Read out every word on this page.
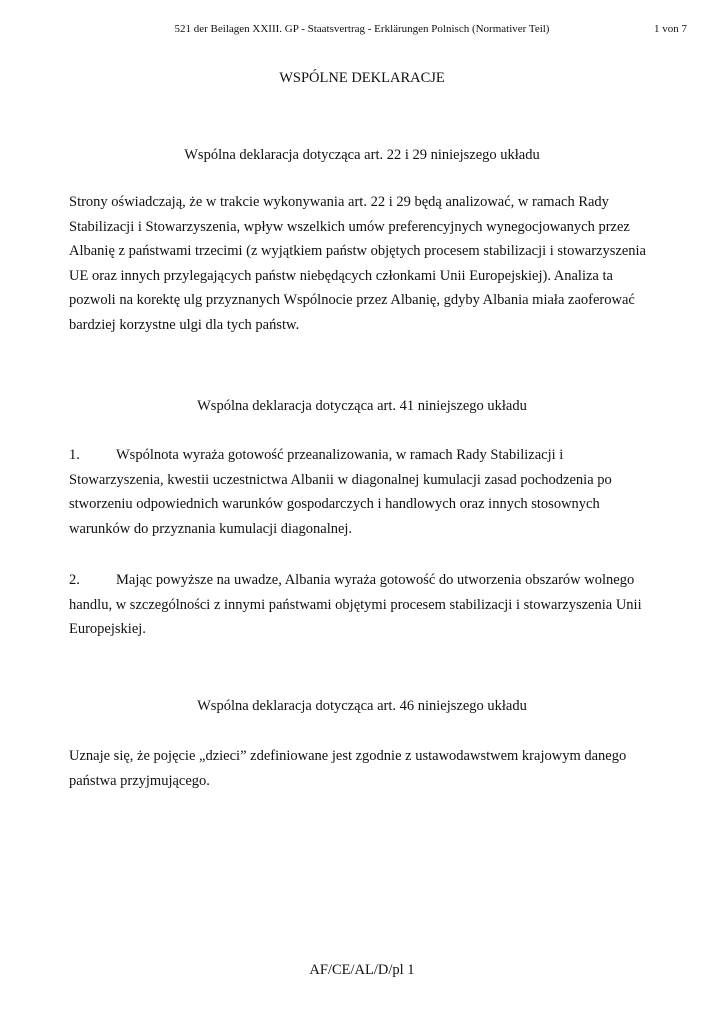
521 der Beilagen XXIII. GP - Staatsvertrag - Erklärungen Polnisch (Normativer Teil)	1 von 7
WSPÓLNE DEKLARACJE
Wspólna deklaracja dotycząca art. 22 i 29 niniejszego układu

Strony oświadczają, że w trakcie wykonywania art. 22 i 29 będą analizować, w ramach Rady Stabilizacji i Stowarzyszenia, wpływ wszelkich umów preferencyjnych wynegocjowanych przez Albanię z państwami trzecimi (z wyjątkiem państw objętych procesem stabilizacji i stowarzyszenia UE oraz innych przylegających państw niebędących członkami Unii Europejskiej). Analiza ta pozwoli na korektę ulg przyznanych Wspólnocie przez Albanię, gdyby Albania miała zaoferować bardziej korzystne ulgi dla tych państw.

Wspólna deklaracja dotycząca art. 41 niniejszego układu

1. Wspólnota wyraża gotowość przeanalizowania, w ramach Rady Stabilizacji i Stowarzyszenia, kwestii uczestnictwa Albanii w diagonalnej kumulacji zasad pochodzenia po stworzeniu odpowiednich warunków gospodarczych i handlowych oraz innych stosownych warunków do przyznania kumulacji diagonalnej.

2. Mając powyższe na uwadze, Albania wyraża gotowość do utworzenia obszarów wolnego handlu, w szczególności z innymi państwami objętymi procesem stabilizacji i stowarzyszenia Unii Europejskiej.

Wspólna deklaracja dotycząca art. 46 niniejszego układu

Uznaje się, że pojęcie „dzieci” zdefiniowane jest zgodnie z ustawodawstwem krajowym danego państwa przyjmującego.

AF/CE/AL/D/pl 1
